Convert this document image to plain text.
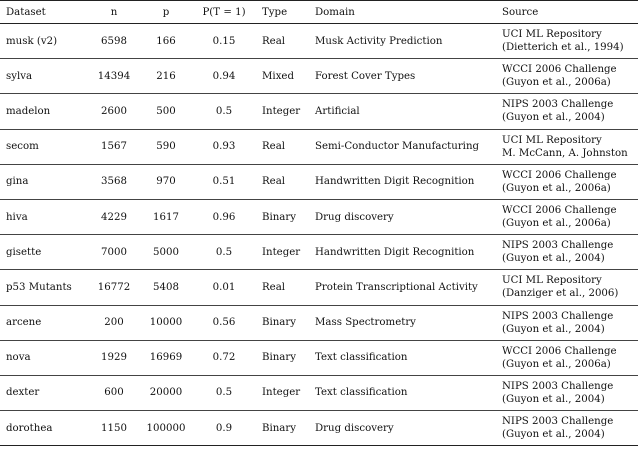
Dataset	n	p	P(T = 1)	Type	Domain	Source
musk (v2)	6598	166	0.15	Real	Musk Activity Prediction	UCI ML Repository
(Dietterich et al., 1994)

sylva	14394	216	0.94	Mixed	Forest Cover Types	WCCI 2006 Challenge
(Guyon et al., 2006a)

madelon	2600	500	0.5	Integer	Artificial	NIPS 2003 Challenge
(Guyon et al., 2004)

secom	1567	590	0.93	Real	Semi-Conductor Manufacturing	UCI ML Repository
M. McCann, A. Johnston

gina	3568	970	0.51	Real	Handwritten Digit Recognition	WCCI 2006 Challenge
(Guyon et al., 2006a)

hiva	4229	1617	0.96	Binary	Drug discovery	WCCI 2006 Challenge
(Guyon et al., 2006a)

gisette	7000	5000	0.5	Integer	Handwritten Digit Recognition	NIPS 2003 Challenge
(Guyon et al., 2004)

p53 Mutants	16772	5408	0.01	Real	Protein Transcriptional Activity	UCI ML Repository
(Danziger et al., 2006)

arcene	200	10000	0.56	Binary	Mass Spectrometry	NIPS 2003 Challenge
(Guyon et al., 2004)

nova	1929	16969	0.72	Binary	Text classification	WCCI 2006 Challenge
(Guyon et al., 2006a)

dexter	600	20000	0.5	Integer	Text classification	NIPS 2003 Challenge
(Guyon et al., 2004)

dorothea	1150	100000	0.9	Binary	Drug discovery	NIPS 2003 Challenge
(Guyon et al., 2004)
